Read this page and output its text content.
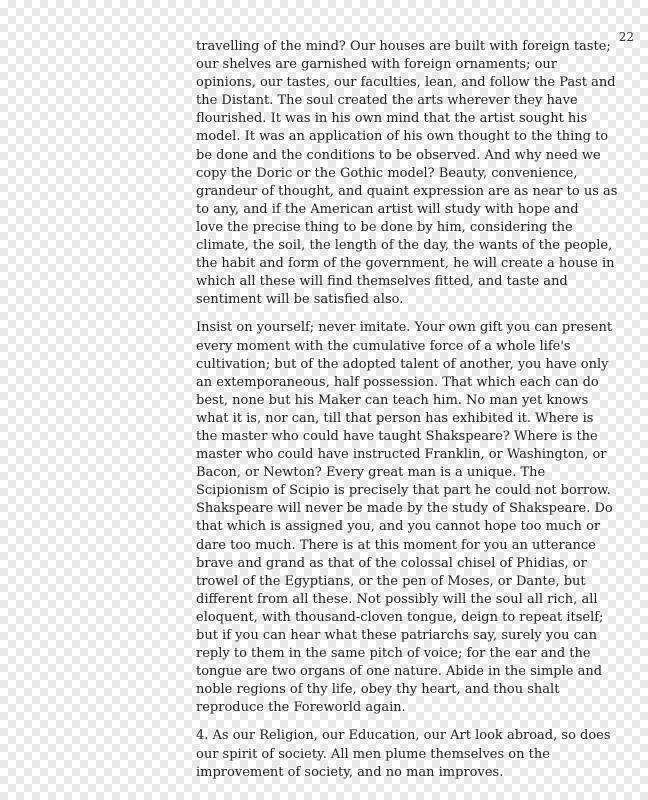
22

travelling of the mind? Our houses are built with foreign taste;
our shelves are garnished with foreign ornaments; our
opinions, our tastes, our faculties, lean, and follow the Past and
the Distant. The soul created the arts wherever they have
flourished. It was in his own mind that the artist sought his
model. It was an application of his own thought to the thing to
be done and the conditions to be observed. And why need we
copy the Doric or the Gothic model? Beauty, convenience,
grandeur of thought, and quaint expression are as near to us as
to any, and if the American artist will study with hope and
love the precise thing to be done by him, considering the
climate, the soil, the length of the day, the wants of the people,
the habit and form of the government, he will create a house in
which all these will find themselves fitted, and taste and
sentiment will be satisfied also.

Insist on yourself; never imitate. Your own gift you can present
every moment with the cumulative force of a whole life's
cultivation; but of the adopted talent of another, you have only
an extemporaneous, half possession. That which each can do
best, none but his Maker can teach him. No man yet knows
what it is, nor can, till that person has exhibited it. Where is
the master who could have taught Shakspeare? Where is the
master who could have instructed Franklin, or Washington, or
Bacon, or Newton? Every great man is a unique. The
Scipionism of Scipio is precisely that part he could not borrow.
Shakspeare will never be made by the study of Shakspeare. Do
that which is assigned you, and you cannot hope too much or
dare too much. There is at this moment for you an utterance
brave and grand as that of the colossal chisel of Phidias, or
trowel of the Egyptians, or the pen of Moses, or Dante, but
different from all these. Not possibly will the soul all rich, all
eloquent, with thousand-cloven tongue, deign to repeat itself;
but if you can hear what these patriarchs say, surely you can
reply to them in the same pitch of voice; for the ear and the
tongue are two organs of one nature. Abide in the simple and
noble regions of thy life, obey thy heart, and thou shalt
reproduce the Foreworld again.

4. As our Religion, our Education, our Art look abroad, so does
our spirit of society. All men plume themselves on the
improvement of society, and no man improves.
